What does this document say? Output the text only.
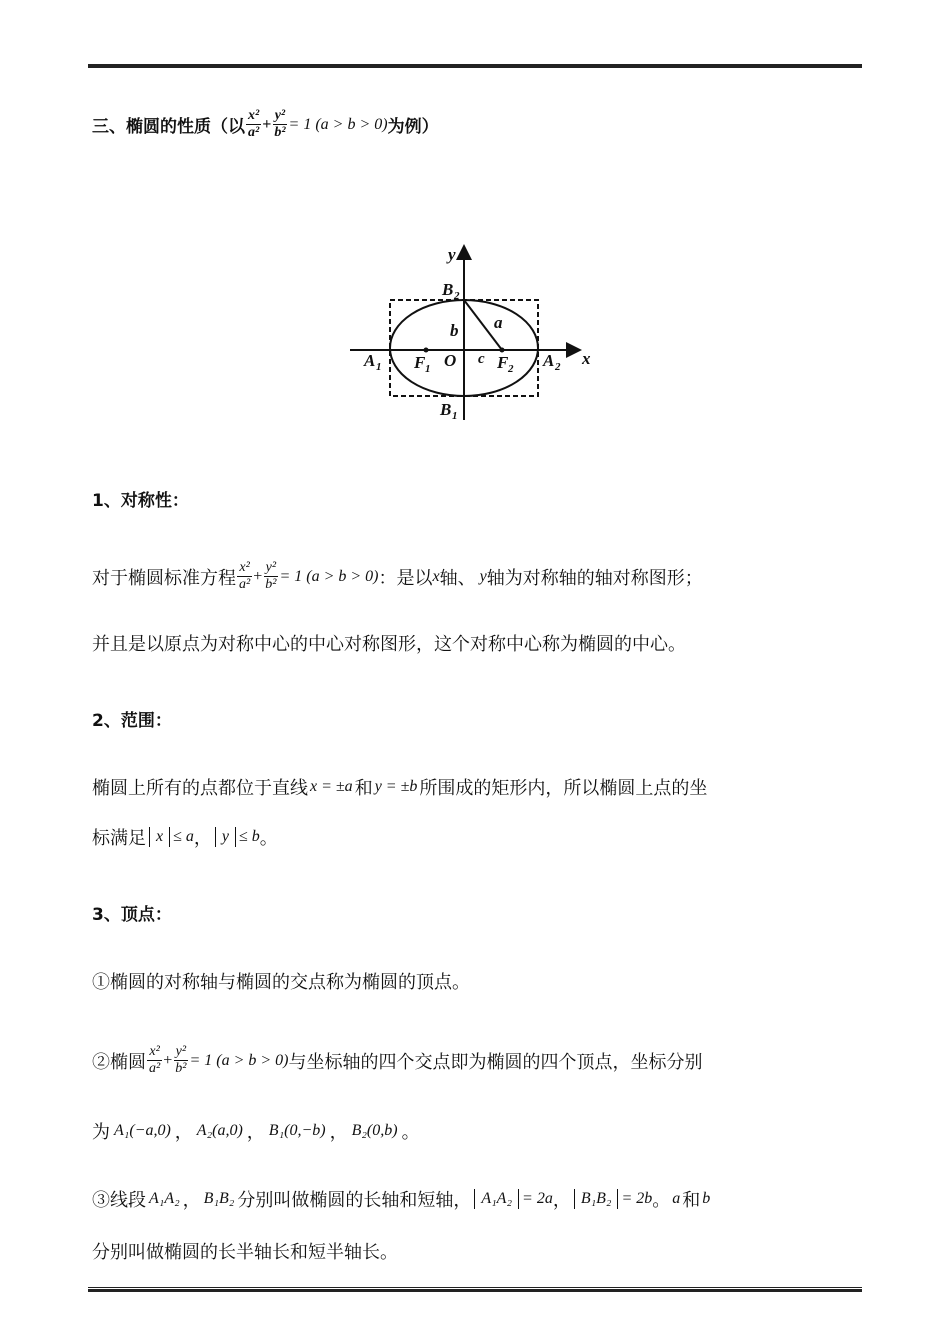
三、椭圆的性质（以 $\frac{\text{x²}}{\text{a²}} + \frac{\text{y²}}{\text{b²}} = 1$ (a > b > 0) 为例）
y
x
B 2
B 1
A 1	A 2
F 1	F 2
O
b a
c
1、对称性：
对于椭圆标准方程 $\frac{\text{x²}}{\text{a²}} + \frac{\text{y²}}{\text{b²}} = 1$ (a > b > 0) ：是以 x 轴、 y 轴为对称轴的轴对称图形；
并且是以原点为对称中心的中心对称图形，这个对称中心称为椭圆的中心。
2、范围：
椭圆上所有的点都位于直线 x = ±a 和 y = ±b 所围成的矩形内，所以椭圆上点的坐
标满足 x ≤ a ， y ≤ b 。
3、顶点：
①椭圆的对称轴与椭圆的交点称为椭圆的顶点。
②椭圆 $\frac{\text{x²}}{\text{a²}} + \frac{\text{y²}}{\text{b²}} = 1$ (a > b > 0) 与坐标轴的四个交点即为椭圆的四个顶点，坐标分别
为 A₁(−a,0) ， A₂(a,0) ， B₁(0,−b) ， B₂(0,b) 。
③线段 A₁A₂ ， B₁B₂ 分别叫做椭圆的长轴和短轴， A₁A₂ = 2a ， B₁B₂ = 2b 。 a 和 b
分别叫做椭圆的长半轴长和短半轴长。
